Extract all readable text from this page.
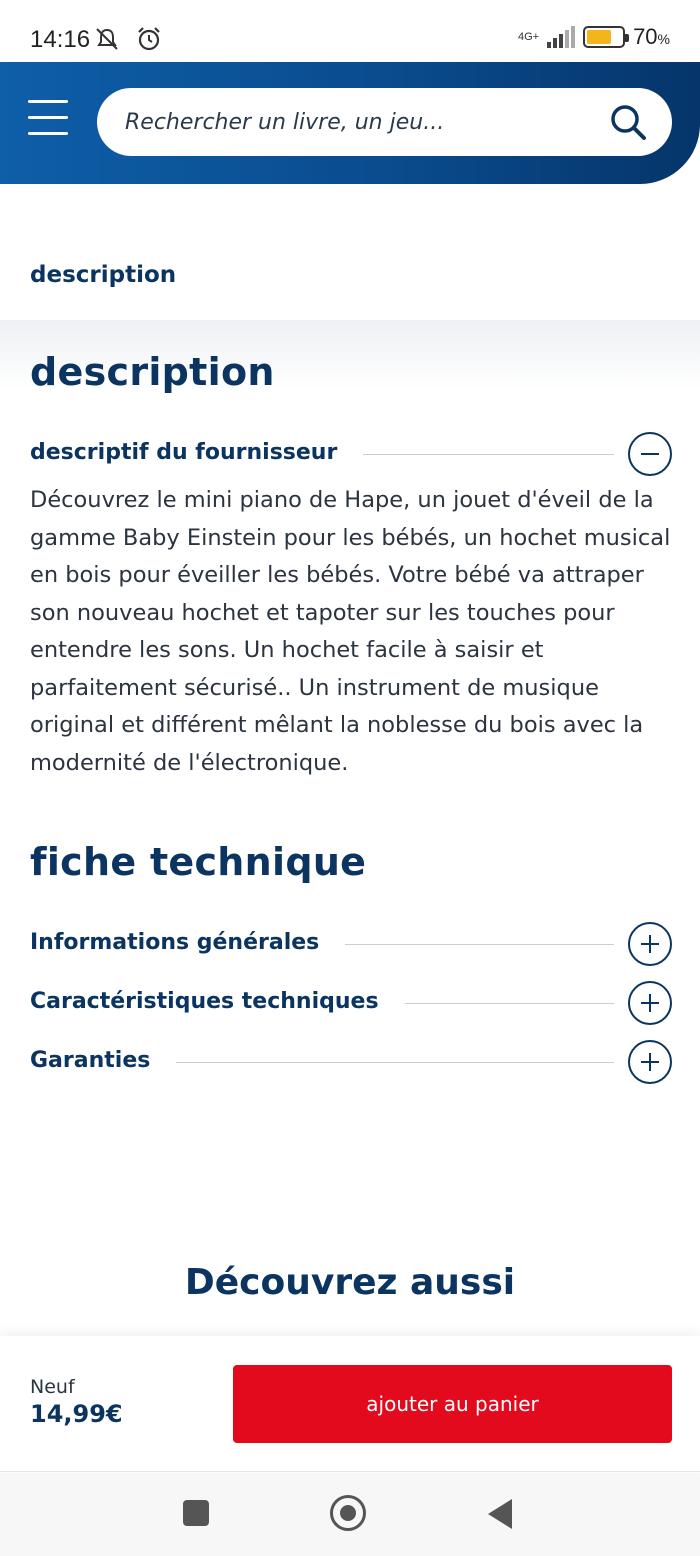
14:16	4G+	70%
Rechercher un livre, un jeu...
description
description
descriptif du fournisseur
Découvrez le mini piano de Hape, un jouet d'éveil de la gamme Baby Einstein pour les bébés, un hochet musical en bois pour éveiller les bébés. Votre bébé va attraper son nouveau hochet et tapoter sur les touches pour entendre les sons. Un hochet facile à saisir et parfaitement sécurisé.. Un instrument de musique original et différent mêlant la noblesse du bois avec la modernité de l'électronique.
fiche technique
Informations générales
Caractéristiques techniques
Garanties
Découvrez aussi
Neuf
14,99€	ajouter au panier
